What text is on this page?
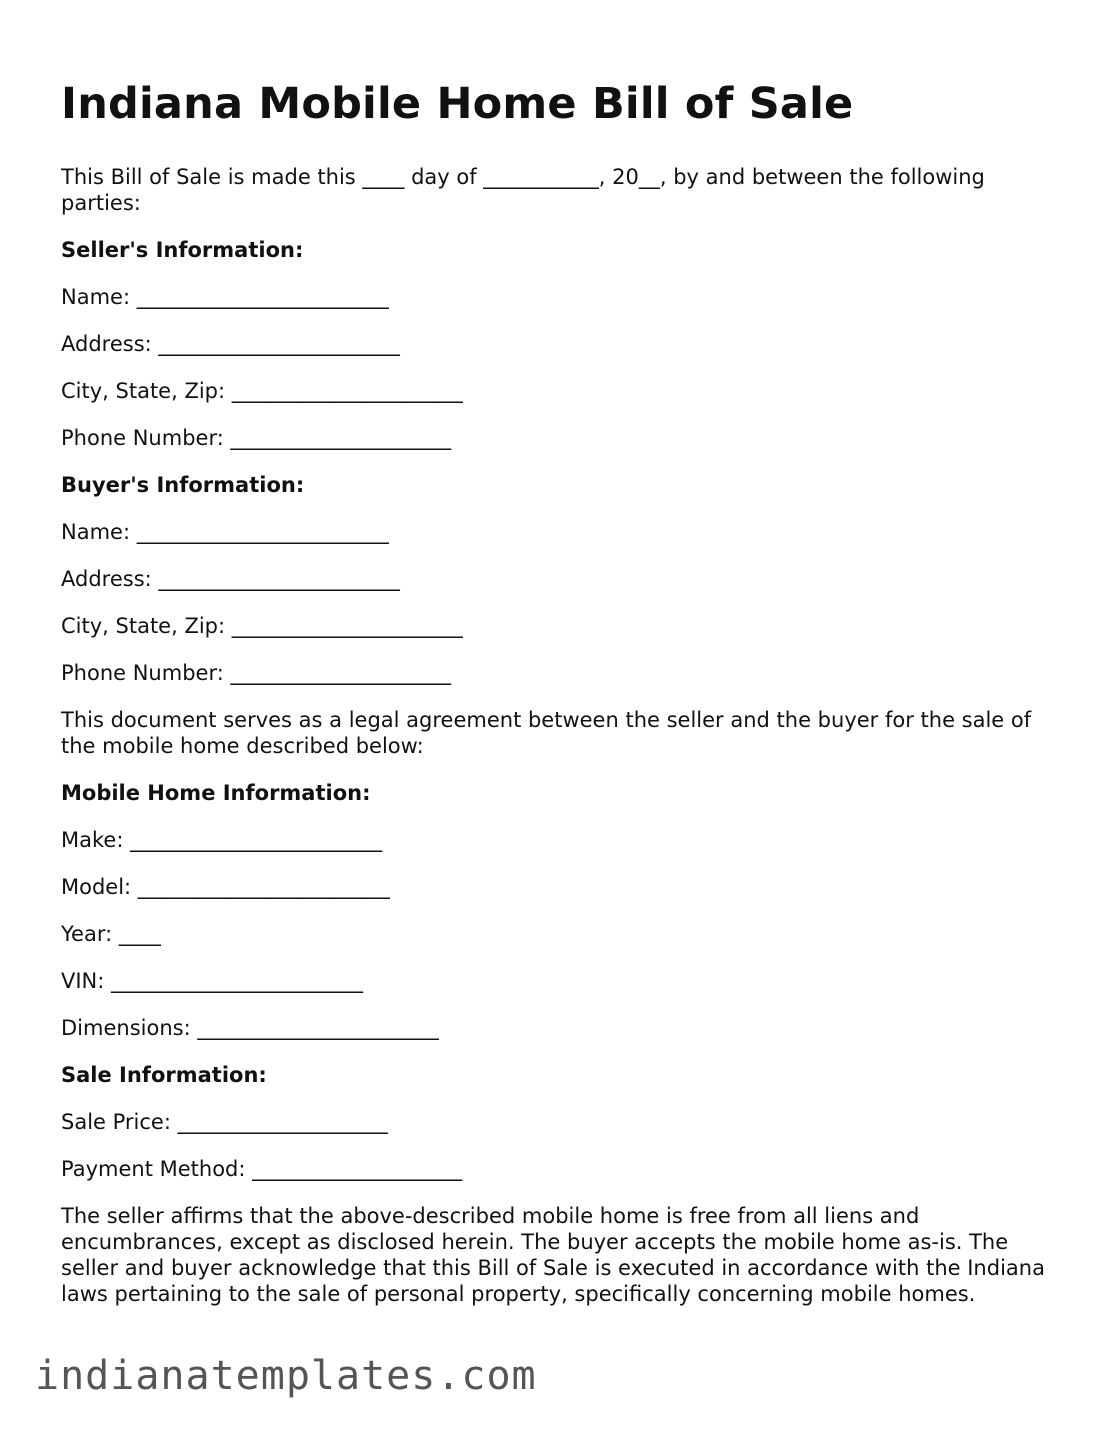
Indiana Mobile Home Bill of Sale

This Bill of Sale is made this ____ day of ___________, 20__, by and between the following parties:

Seller's Information:

Name: ________________________

Address: _______________________

City, State, Zip: ______________________

Phone Number: _____________________

Buyer's Information:

Name: ________________________

Address: _______________________

City, State, Zip: ______________________

Phone Number: _____________________

This document serves as a legal agreement between the seller and the buyer for the sale of the mobile home described below:

Mobile Home Information:

Make: ________________________

Model: ________________________

Year: ____

VIN: ________________________

Dimensions: _______________________

Sale Information:

Sale Price: ____________________

Payment Method: ____________________

The seller affirms that the above-described mobile home is free from all liens and encumbrances, except as disclosed herein. The buyer accepts the mobile home as-is. The seller and buyer acknowledge that this Bill of Sale is executed in accordance with the Indiana laws pertaining to the sale of personal property, specifically concerning mobile homes.

indianatemplates.com
